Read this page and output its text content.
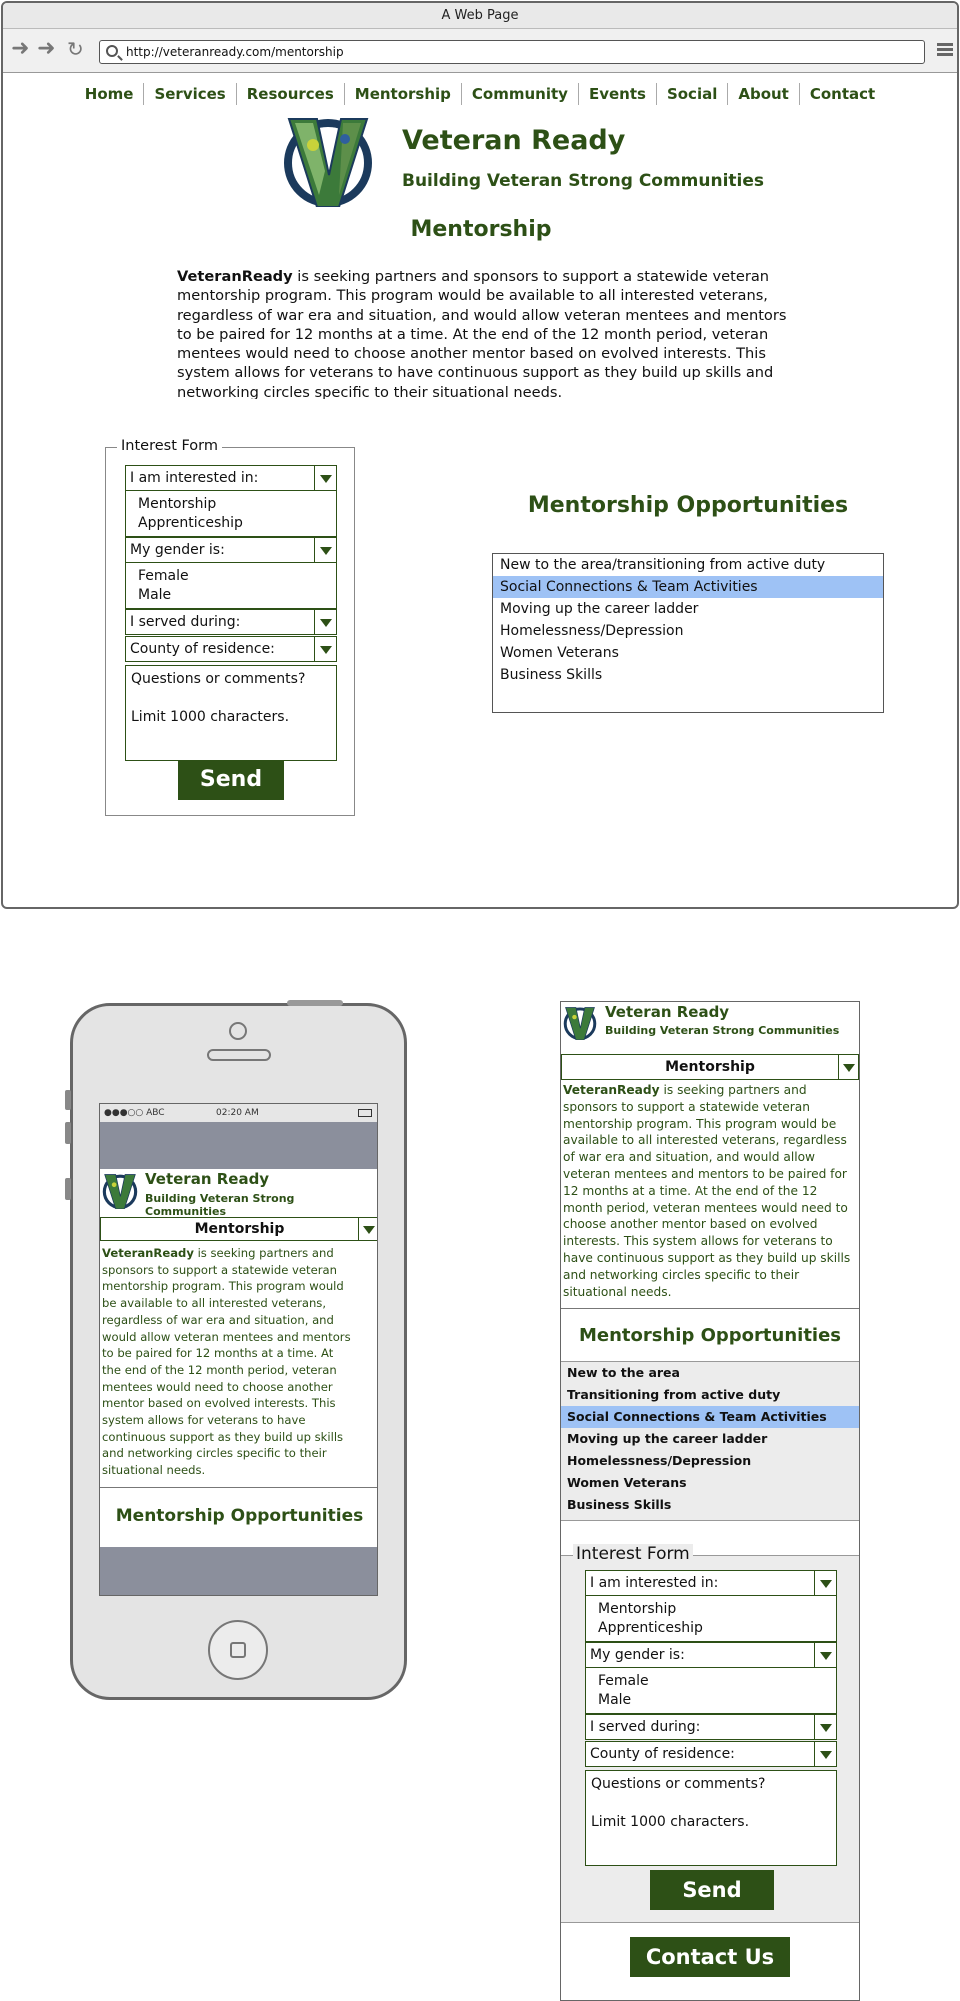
A Web Page
➜ ➜ ↻	http://veteranready.com/mentorship
Home Services Resources Mentorship Community Events Social About Contact
Veteran Ready
Building Veteran Strong Communities
Mentorship
VeteranReady is seeking partners and sponsors to support a statewide veteran
mentorship program. This program would be available to all interested veterans,
regardless of war era and situation, and would allow veteran mentees and mentors
to be paired for 12 months at a time. At the end of the 12 month period, veteran
mentees would need to choose another mentor based on evolved interests. This
system allows for veterans to have continuous support as they build up skills and
networking circles specific to their situational needs.
Interest Form
I am interested in:
Mentorship
Apprenticeship
My gender is:
Female
Male
I served during:
County of residence:
Questions or comments?
Limit 1000 characters.
Send
Mentorship Opportunities
New to the area/transitioning from active duty
Social Connections & Team Activities
Moving up the career ladder
Homelessness/Depression
Women Veterans
Business Skills
●●●○○ ABC	02:20 AM
Veteran Ready
Building Veteran Strong Communities
Mentorship
VeteranReady is seeking partners and
sponsors to support a statewide veteran
mentorship program. This program would
be available to all interested veterans,
regardless of war era and situation, and
would allow veteran mentees and mentors
to be paired for 12 months at a time. At
the end of the 12 month period, veteran
mentees would need to choose another
mentor based on evolved interests. This
system allows for veterans to have
continuous support as they build up skills
and networking circles specific to their
situational needs.
Mentorship Opportunities
Veteran Ready
Building Veteran Strong Communities
Mentorship
VeteranReady is seeking partners and
sponsors to support a statewide veteran
mentorship program. This program would be
available to all interested veterans, regardless
of war era and situation, and would allow
veteran mentees and mentors to be paired for
12 months at a time. At the end of the 12
month period, veteran mentees would need to
choose another mentor based on evolved
interests. This system allows for veterans to
have continuous support as they build up skills
and networking circles specific to their
situational needs.
Mentorship Opportunities
New to the area
Transitioning from active duty
Social Connections & Team Activities
Moving up the career ladder
Homelessness/Depression
Women Veterans
Business Skills
Interest Form
I am interested in:
Mentorship
Apprenticeship
My gender is:
Female
Male
I served during:
County of residence:
Questions or comments?
Limit 1000 characters.
Send
Contact Us
